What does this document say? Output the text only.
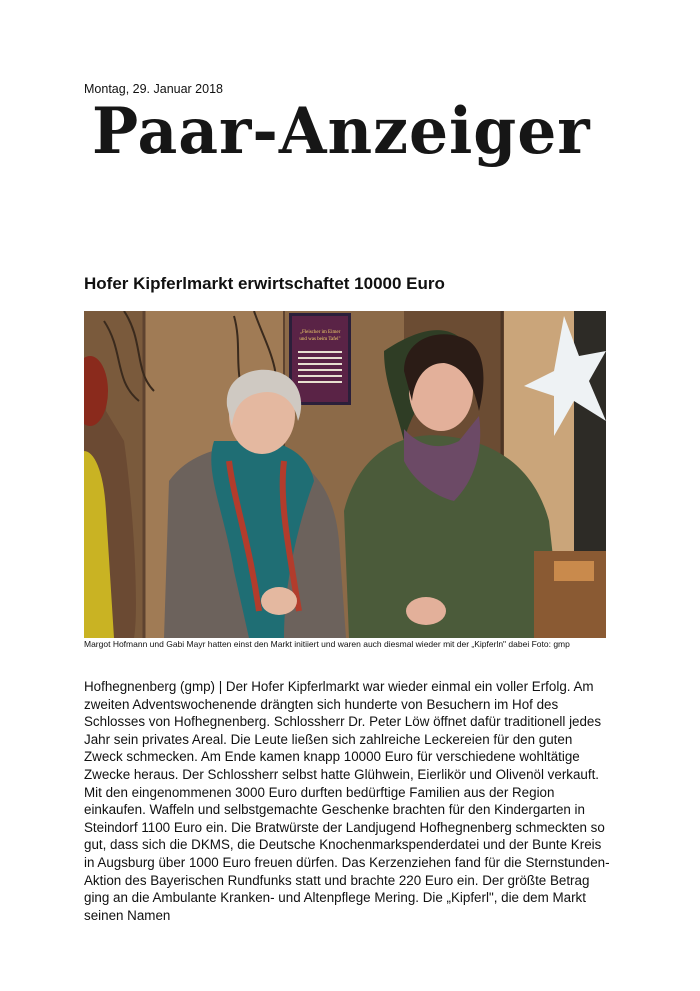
Montag, 29. Januar 2018
Paar-Anzeiger
Hofer Kipferlmarkt erwirtschaftet 10000 Euro
„Fleischer im Eimer
und was beim Tafel"
Margot Hofmann und Gabi Mayr hatten einst den Markt initiiert und waren auch diesmal wieder mit der „Kipferln" dabei Foto: gmp
Hofhegnenberg (gmp) | Der Hofer Kipferlmarkt war wieder einmal ein voller Erfolg. Am zweiten Adventswochenende drängten sich hunderte von Besuchern im Hof des Schlosses von Hofhegnenberg. Schlossherr Dr. Peter Löw öffnet dafür traditionell jedes Jahr sein privates Areal. Die Leute ließen sich zahlreiche Leckereien für den guten Zweck schmecken. Am Ende kamen knapp 10000 Euro für verschiedene wohltätige Zwecke heraus. Der Schlossherr selbst hatte Glühwein, Eierlikör und Olivenöl verkauft. Mit den eingenommenen 3000 Euro durften bedürftige Familien aus der Region einkaufen. Waffeln und selbstgemachte Geschenke brachten für den Kindergarten in Steindorf 1100 Euro ein. Die Bratwürste der Landjugend Hofhegnenberg schmeckten so gut, dass sich die DKMS, die Deutsche Knochenmarkspenderdatei und der Bunte Kreis in Augsburg über 1000 Euro freuen dürfen. Das Kerzenziehen fand für die Sternstunden-Aktion des Bayerischen Rundfunks statt und brachte 220 Euro ein. Der größte Betrag ging an die Ambulante Kranken- und Altenpflege Mering. Die „Kipferl", die dem Markt seinen Namen
